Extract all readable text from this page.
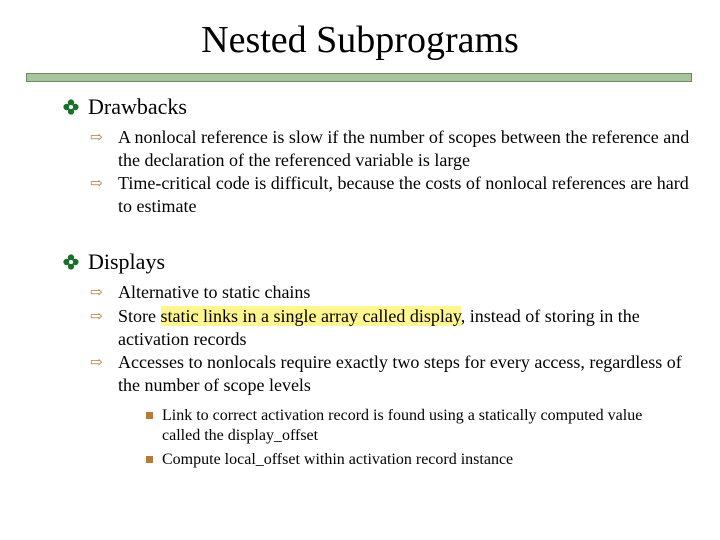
Nested Subprograms
Drawbacks
⇨ A nonlocal reference is slow if the number of scopes between the reference and the declaration of the referenced variable is large
⇨ Time-critical code is difficult, because the costs of nonlocal references are hard to estimate
Displays
⇨ Alternative to static chains
⇨ Store static links in a single array called display, instead of storing in the activation records
⇨ Accesses to nonlocals require exactly two steps for every access, regardless of the number of scope levels
Link to correct activation record is found using a statically computed value called the display_offset
Compute local_offset within activation record instance
